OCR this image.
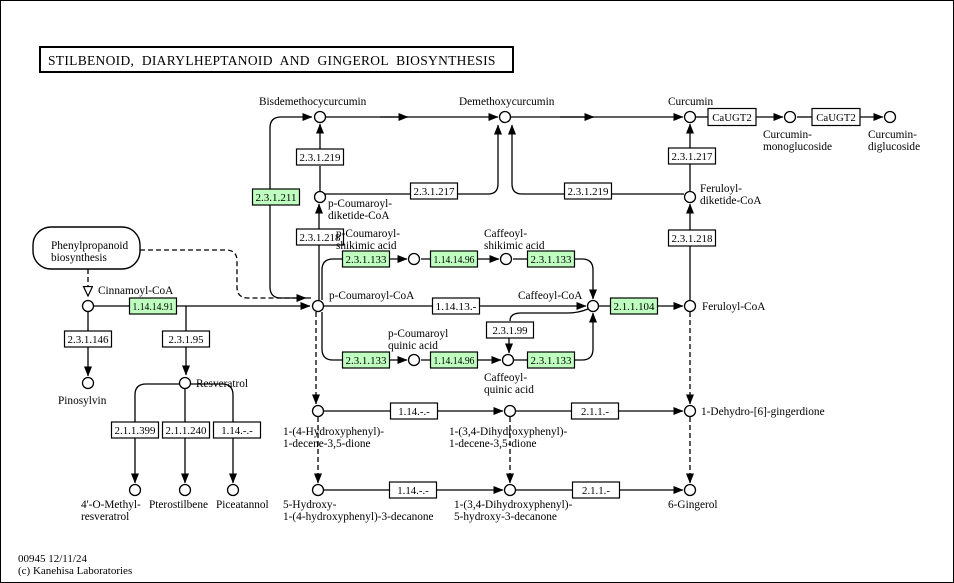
Phenylpropanoid biosynthesis
2.3.1.219
2.3.1.217	2.3.1.219
2.3.1.217
2.3.1.218	2.3.1.218
2.3.1.211
1.14.14.91
2.3.1.133	1.14.14.96	2.3.1.133
2.3.1.133	1.14.14.96	2.3.1.133
1.14.13.-
2.3.1.99
2.1.1.104
2.3.1.146	2.3.1.95
2.1.1.399 2.1.1.240 1.14.-.-
1.14.-.-	2.1.1.-
1.14.-.-	2.1.1.-
CaUGT2	CaUGT2
Bisdemethocycurcumin	Demethoxycurcumin	Curcumin
Curcumin-monoglucoside
Curcumin-diglucoside
p-Coumaroyl-diketide-CoA
Feruloyl-diketide-CoA
p-Coumaroyl-shikimic acid
Caffeoyl-shikimic acid
p-Coumaroyl-CoA	Caffeoyl-CoA
Feruloyl-CoA
Cinnamoyl-CoA
p-Coumaroyl quinic acid
Caffeoyl-quinic acid
Pinosylvin
Resveratrol
4'-O-Methyl-resveratrol
Pterostilbene Piceatannol
1-(4-Hydroxyphenyl)-1-decene-3,5-dione
1-(3,4-Dihydroxyphenyl)-1-decene-3,5-dione
1-Dehydro-[6]-gingerdione
5-Hydroxy-1-(4-hydroxyphenyl)-3-decanone
1-(3,4-Dihydroxyphenyl)-5-hydroxy-3-decanone
6-Gingerol
STILBENOID, DIARYLHEPTANOID AND GINGEROL BIOSYNTHESIS
00945 12/11/24
(c) Kanehisa Laboratories
